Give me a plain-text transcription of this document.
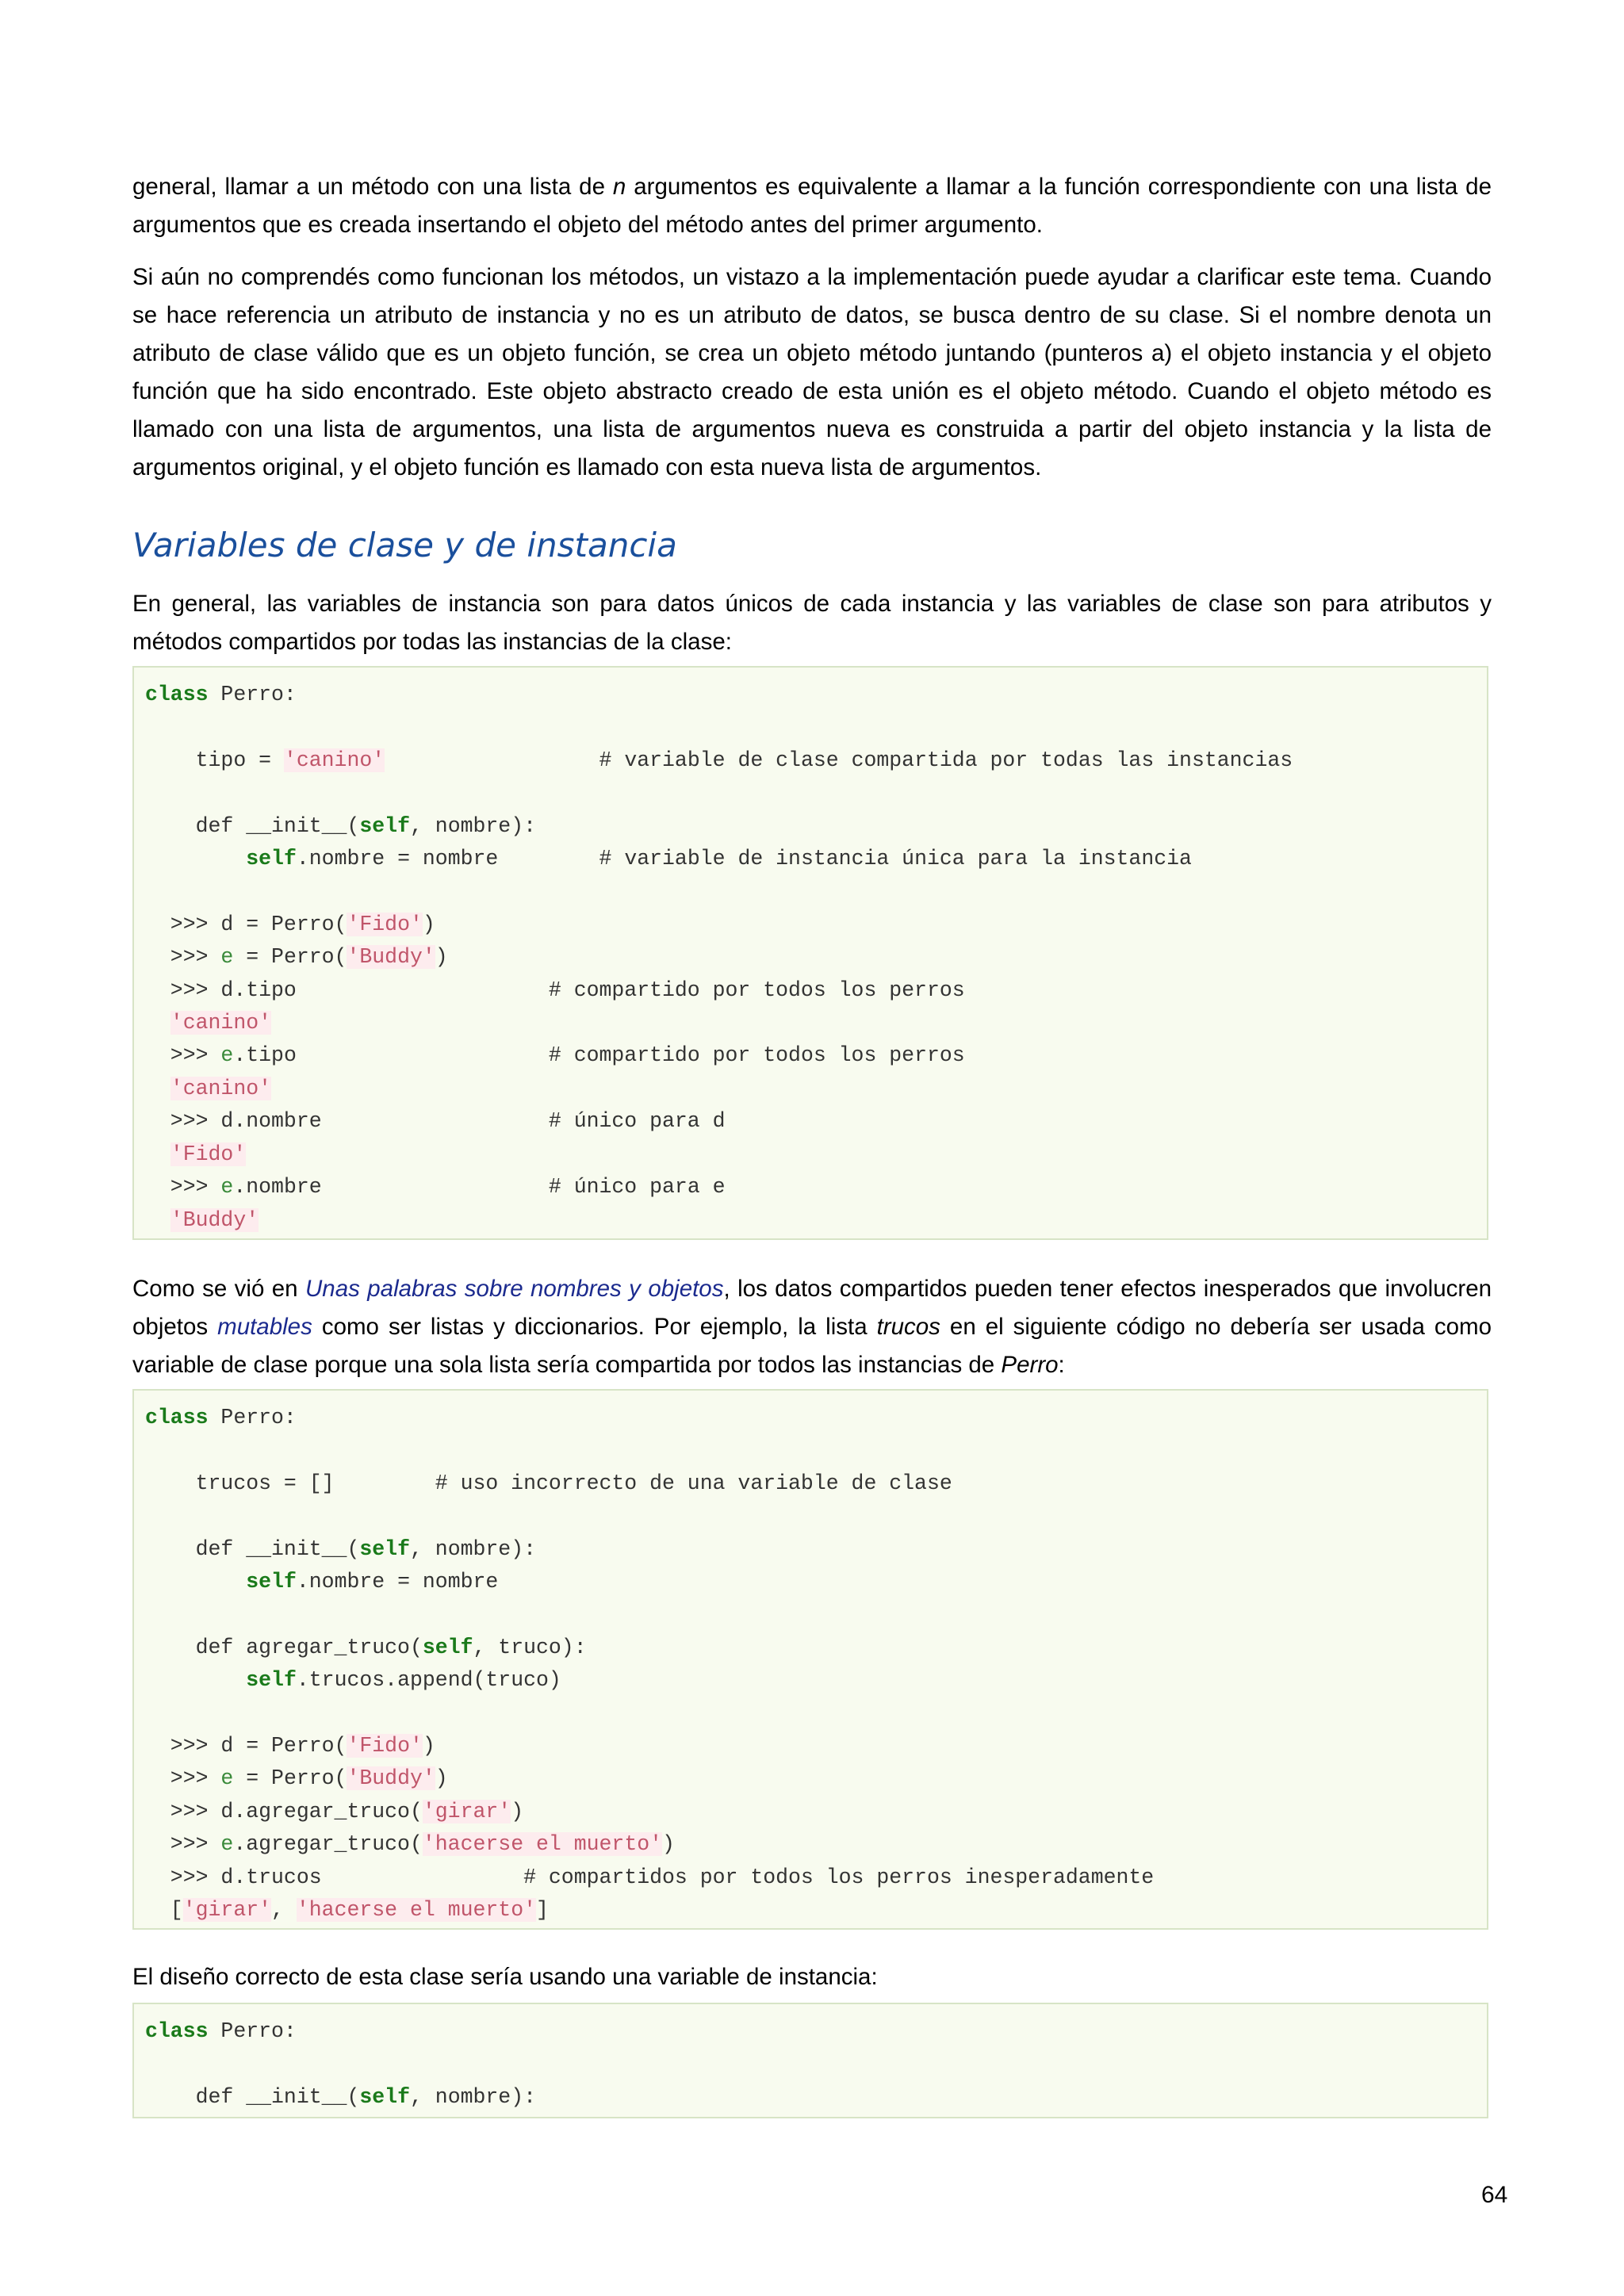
general, llamar a un método con una lista de n argumentos es equivalente a llamar a la función correspondiente con una lista de argumentos que es creada insertando el objeto del método antes del primer argumento.

Si aún no comprendés como funcionan los métodos, un vistazo a la implementación puede ayudar a clarificar este tema. Cuando se hace referencia un atributo de instancia y no es un atributo de datos, se busca dentro de su clase. Si el nombre denota un atributo de clase válido que es un objeto función, se crea un objeto método juntando (punteros a) el objeto instancia y el objeto función que ha sido encontrado. Este objeto abstracto creado de esta unión es el objeto método. Cuando el objeto método es llamado con una lista de argumentos, una lista de argumentos nueva es construida a partir del objeto instancia y la lista de argumentos original, y el objeto función es llamado con esta nueva lista de argumentos.

Variables de clase y de instancia

En general, las variables de instancia son para datos únicos de cada instancia y las variables de clase son para atributos y métodos compartidos por todas las instancias de la clase:

class Perro:

tipo = 'canino'                 # variable de clase compartida por todas las instancias

def __init__(self, nombre):
self.nombre = nombre        # variable de instancia única para la instancia

>>> d = Perro('Fido')
>>> e = Perro('Buddy')
>>> d.tipo                    # compartido por todos los perros
'canino'
>>> e.tipo                    # compartido por todos los perros
'canino'
>>> d.nombre                  # único para d
'Fido'
>>> e.nombre                  # único para e
'Buddy'

Como se vió en Unas palabras sobre nombres y objetos, los datos compartidos pueden tener efectos inesperados que involucren objetos mutables como ser listas y diccionarios. Por ejemplo, la lista trucos en el siguiente código no debería ser usada como variable de clase porque una sola lista sería compartida por todos las instancias de Perro:

class Perro:

trucos = []        # uso incorrecto de una variable de clase

def __init__(self, nombre):
self.nombre = nombre

def agregar_truco(self, truco):
self.trucos.append(truco)

>>> d = Perro('Fido')
>>> e = Perro('Buddy')
>>> d.agregar_truco('girar')
>>> e.agregar_truco('hacerse el muerto')
>>> d.trucos                # compartidos por todos los perros inesperadamente
['girar', 'hacerse el muerto']

El diseño correcto de esta clase sería usando una variable de instancia:

class Perro:

def __init__(self, nombre):
64
